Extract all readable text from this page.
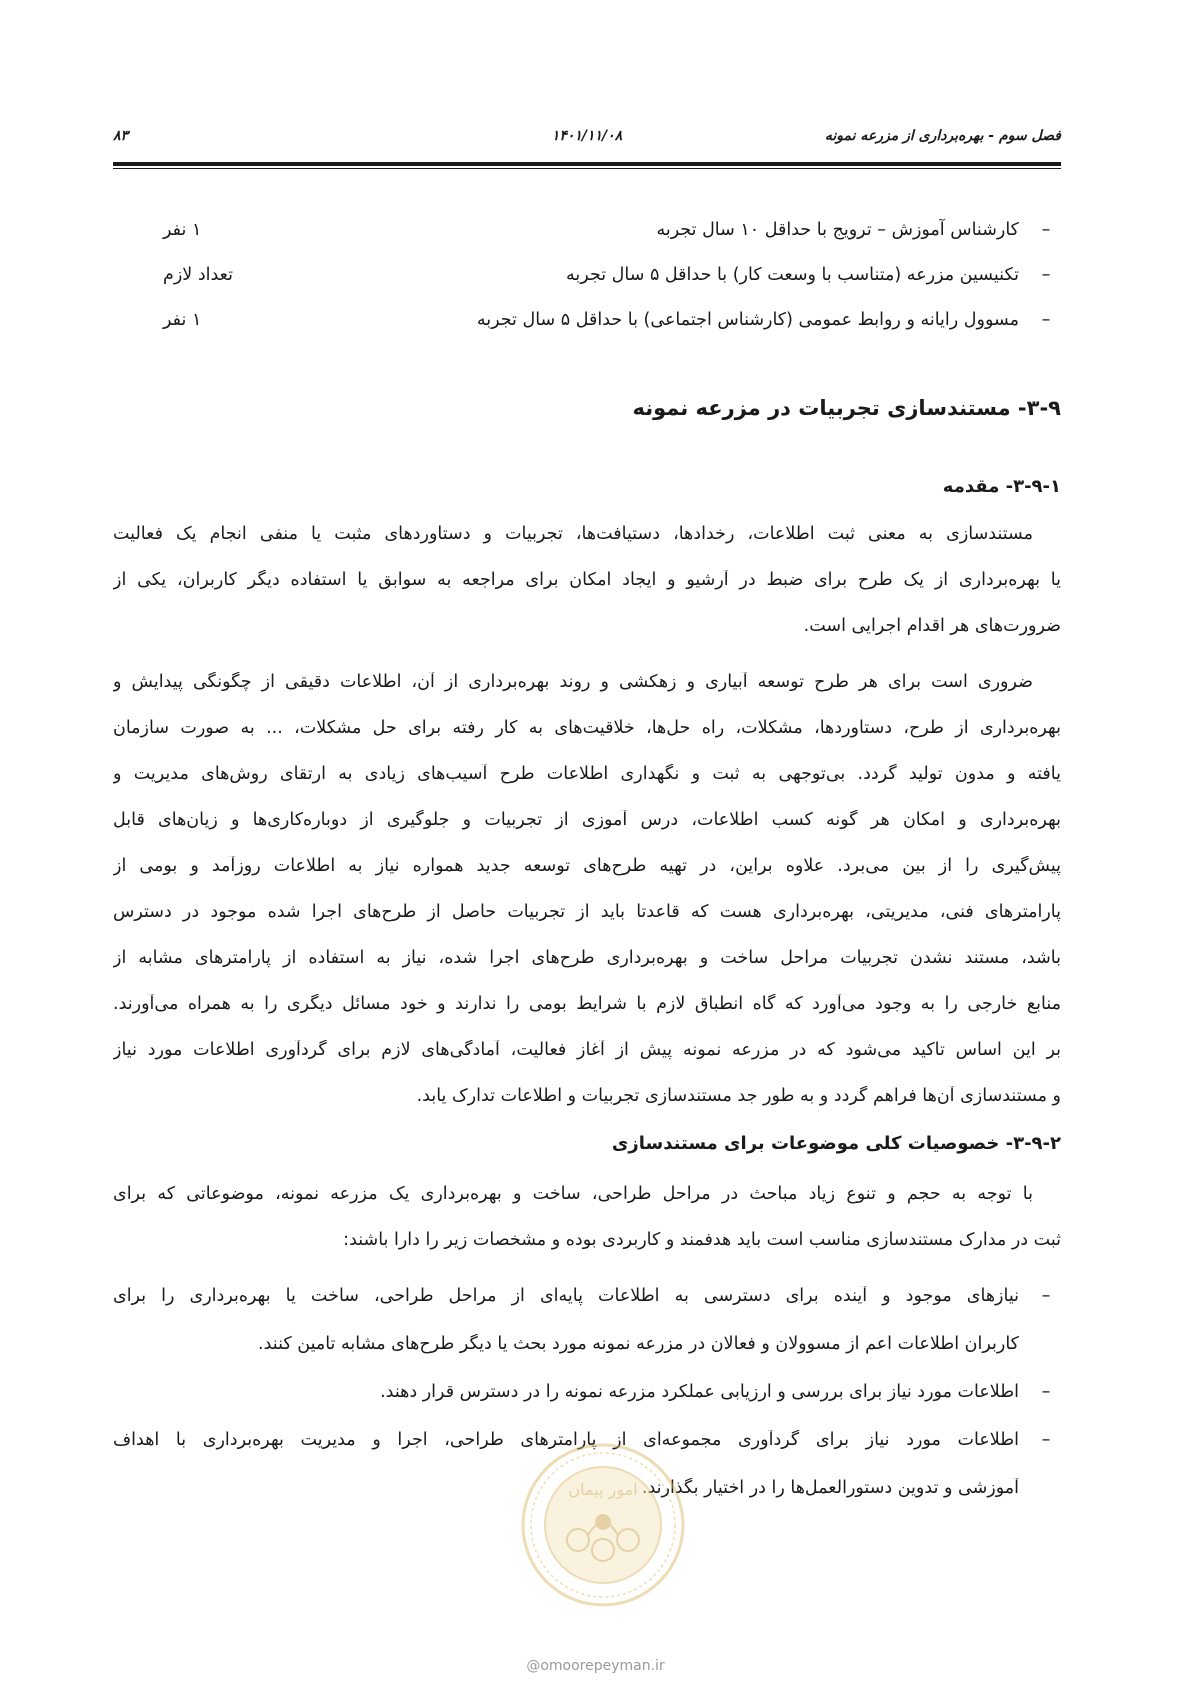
فصل سوم - بهره‌برداری از مزرعه نمونه
۱۴۰۱/۱۱/۰۸
۸۳
–
کارشناس آموزش – ترویج با حداقل ۱۰ سال تجربه
۱ نفر
–
تکنیسین مزرعه (متناسب با وسعت کار) با حداقل ۵ سال تجربه
تعداد لازم
–
مسوول رایانه و روابط عمومی (کارشناس اجتماعی) با حداقل ۵ سال تجربه
۱ نفر
۳-۹- مستندسازی تجربیات در مزرعه نمونه
۳-۹-۱- مقدمه
مستندسازی به معنی ثبت اطلاعات، رخدادها، دستیافت‌ها، تجربیات و دستاوردهای مثبت یا منفی انجام یک فعالیت
یا بهره‌برداری از یک طرح برای ضبط در آرشیو و ایجاد امکان برای مراجعه به سوابق یا استفاده دیگر کاربران، یکی از
ضرورت‌های هر اقدام اجرایی است.
ضروری است برای هر طرح توسعه آبیاری و زهکشی و روند بهره‌برداری از آن، اطلاعات دقیقی از چگونگی پیدایش و
بهره‌برداری از طرح، دستاوردها، مشکلات، راه حل‌ها، خلاقیت‌های به کار رفته برای حل مشکلات، ... به صورت سازمان
یافته و مدون تولید گردد. بی‌توجهی به ثبت و نگهداری اطلاعات طرح آسیب‌های زیادی به ارتقای روش‌های مدیریت و
بهره‌برداری و امکان هر گونه کسب اطلاعات، درس آموزی از تجربیات و جلوگیری از دوباره‌کاری‌ها و زیان‌های قابل
پیش‌گیری را از بین می‌برد. علاوه براین، در تهیه طرح‌های توسعه جدید همواره نیاز به اطلاعات روزآمد و بومی از
پارامترهای فنی، مدیریتی، بهره‌برداری هست که قاعدتا باید از تجربیات حاصل از طرح‌های اجرا شده موجود در دسترس
باشد، مستند نشدن تجربیات مراحل ساخت و بهره‌برداری طرح‌های اجرا شده، نیاز به استفاده از پارامترهای مشابه از
منابع خارجی را به وجود می‌آورد که گاه انطباق لازم با شرایط بومی را ندارند و خود مسائل دیگری را به همراه می‌آورند.
بر این اساس تاکید می‌شود که در مزرعه نمونه پیش از آغاز فعالیت، آمادگی‌های لازم برای گردآوری اطلاعات مورد نیاز
و مستندسازی آن‌ها فراهم گردد و به طور جد مستندسازی تجربیات و اطلاعات تدارک یابد.
۳-۹-۲- خصوصیات کلی موضوعات برای مستندسازی
با توجه به حجم و تنوع زیاد مباحث در مراحل طراحی، ساخت و بهره‌برداری یک مزرعه نمونه، موضوعاتی که برای
ثبت در مدارک مستندسازی مناسب است باید هدفمند و کاربردی بوده و مشخصات زیر را دارا باشند:
–
نیازهای موجود و آینده برای دسترسی به اطلاعات پایه‌ای از مراحل طراحی، ساخت یا بهره‌برداری را برای
کاربران اطلاعات اعم از مسوولان و فعالان در مزرعه نمونه مورد بحث یا دیگر طرح‌های مشابه تامین کنند.
–
اطلاعات مورد نیاز برای بررسی و ارزیابی عملکرد مزرعه نمونه را در دسترس قرار دهند.
–
اطلاعات مورد نیاز برای گردآوری مجموعه‌ای از پارامترهای طراحی، اجرا و مدیریت بهره‌برداری با اهداف
آموزشی و تدوین دستورالعمل‌ها را در اختیار بگذارند.
امور پیمان
@omoorepeyman.ir
